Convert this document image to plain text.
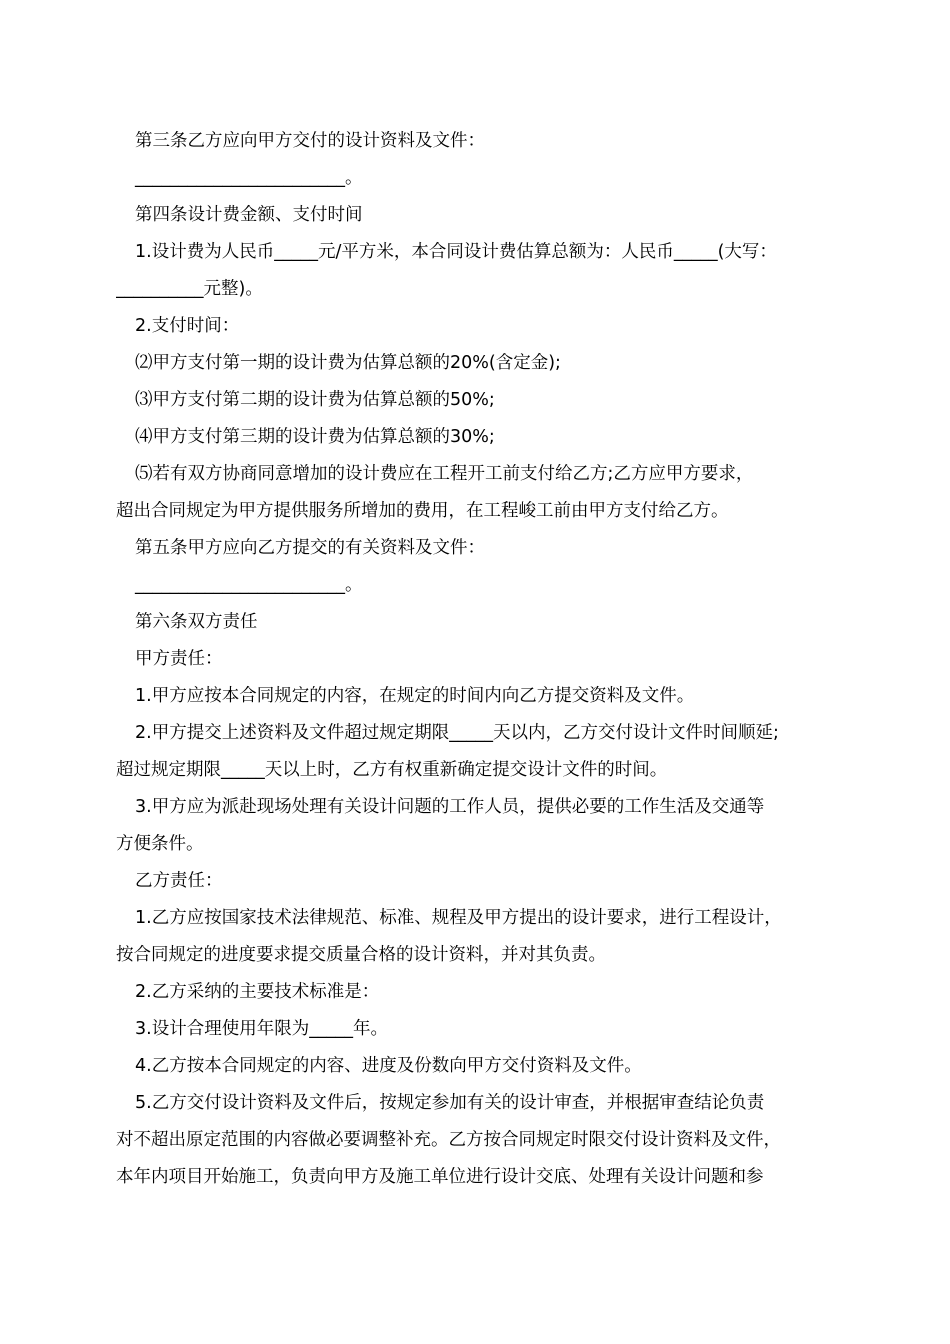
第三条乙方应向甲方交付的设计资料及文件：
________________________。
第四条设计费金额、支付时间
1.设计费为人民币_____元/平方米，本合同设计费估算总额为：人民币_____(大写：
__________元整)。
2.支付时间：
⑵甲方支付第一期的设计费为估算总额的20%(含定金);
⑶甲方支付第二期的设计费为估算总额的50%;
⑷甲方支付第三期的设计费为估算总额的30%;
⑸若有双方协商同意增加的设计费应在工程开工前支付给乙方;乙方应甲方要求，
超出合同规定为甲方提供服务所增加的费用，在工程峻工前由甲方支付给乙方。
第五条甲方应向乙方提交的有关资料及文件：
________________________。
第六条双方责任
甲方责任：
1.甲方应按本合同规定的内容，在规定的时间内向乙方提交资料及文件。
2.甲方提交上述资料及文件超过规定期限_____天以内，乙方交付设计文件时间顺延;
超过规定期限_____天以上时，乙方有权重新确定提交设计文件的时间。
3.甲方应为派赴现场处理有关设计问题的工作人员，提供必要的工作生活及交通等
方便条件。
乙方责任：
1.乙方应按国家技术法律规范、标准、规程及甲方提出的设计要求，进行工程设计，
按合同规定的进度要求提交质量合格的设计资料，并对其负责。
2.乙方采纳的主要技术标准是：
3.设计合理使用年限为_____年。
4.乙方按本合同规定的内容、进度及份数向甲方交付资料及文件。
5.乙方交付设计资料及文件后，按规定参加有关的设计审查，并根据审查结论负责
对不超出原定范围的内容做必要调整补充。乙方按合同规定时限交付设计资料及文件，
本年内项目开始施工，负责向甲方及施工单位进行设计交底、处理有关设计问题和参
